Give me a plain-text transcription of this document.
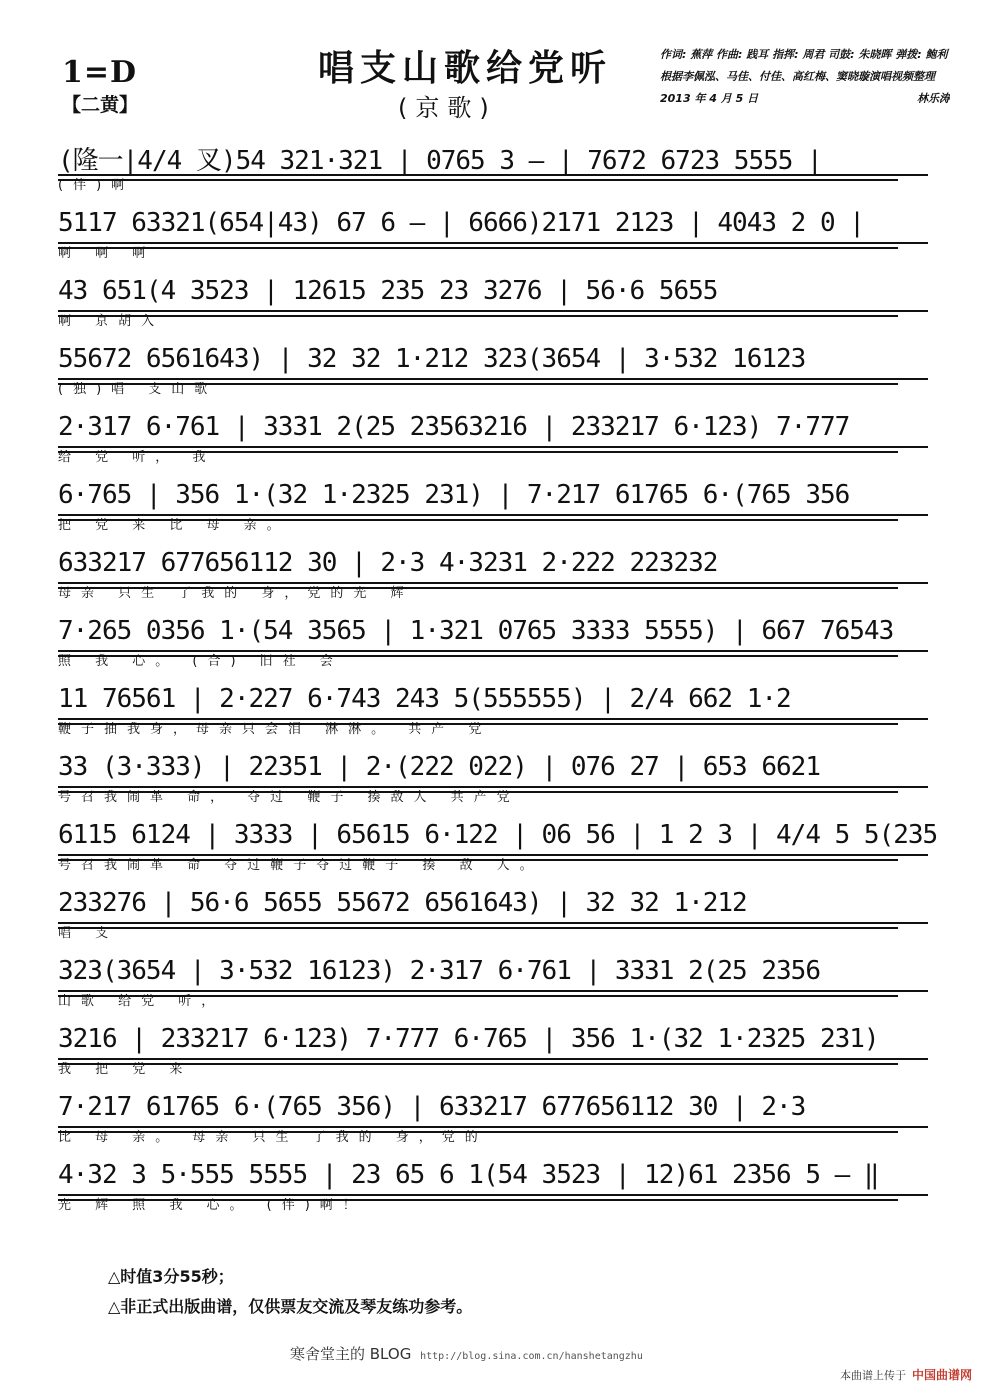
1=D
【二黄】
唱支山歌给党听
(京歌)
作词: 蕉萍 作曲: 践耳 指挥: 周君 司鼓: 朱晓晖 弹拨: 鲍利
根据李佩泓、马佳、付佳、高红梅、窦晓璇演唱视频整理
2013 年 4 月 5 日	林乐涛
(隆一|4/4 叉)54 321·321 | 0765 3 — | 7672 6723 5555 |
(伴)啊
5117 63321(654|43) 67 6 — | 6666)2171 2123 | 4043 2 0 |
啊 啊 啊
43 651(4 3523 | 12615 235 23 3276 | 56·6 5655
啊 京胡入
55672 6561643) | 32 32 1·212 323(3654 | 3·532 16123
(独)唱 支山歌
2·317 6·761 | 3331 2(25 23563216 | 233217 6·123) 7·777
给 党 听， 我
6·765 | 356 1·(32 1·2325 231) | 7·217 61765 6·(765 356
把 党 来 比 母 亲。
633217 677656112 30 | 2·3 4·3231 2·222 223232
母亲 只生 了我的 身，党的光 辉
7·265 0356 1·(54 3565 | 1·321 0765 3333 5555) | 667 76543
照 我 心。 (合) 旧社 会
11 76561 | 2·227 6·743 243 5(555555) | 2/4 662 1·2
鞭子抽我身，母亲只会泪 淋淋。 共产 党
33 (3·333) | 22351 | 2·(222 022) | 076 27 | 653 6621
号召我闹革 命， 夺过 鞭子 揍敌人 共产党
6115 6124 | 3333 | 65615 6·122 | 06 56 | 1 2 3 | 4/4 5 5(235
号召我闹革 命 夺过鞭子夺过鞭子 揍 敌 人。
233276 | 56·6 5655 55672 6561643) | 32 32 1·212
唱 支
323(3654 | 3·532 16123) 2·317 6·761 | 3331 2(25 2356
山歌 给党 听，
3216 | 233217 6·123) 7·777 6·765 | 356 1·(32 1·2325 231)
我 把 党 来
7·217 61765 6·(765 356) | 633217 677656112 30 | 2·3
比 母 亲。 母亲 只生 了我的 身，党的
4·32 3 5·555 5555 | 23 65 6 1(54 3523 | 12)61 2356 5 — ‖
光 辉 照 我 心。 (伴)啊！
△时值3分55秒；
△非正式出版曲谱，仅供票友交流及琴友练功参考。
寒舍堂主的 BLOG http://blog.sina.com.cn/hanshetangzhu
本曲谱上传于 中国曲谱网
